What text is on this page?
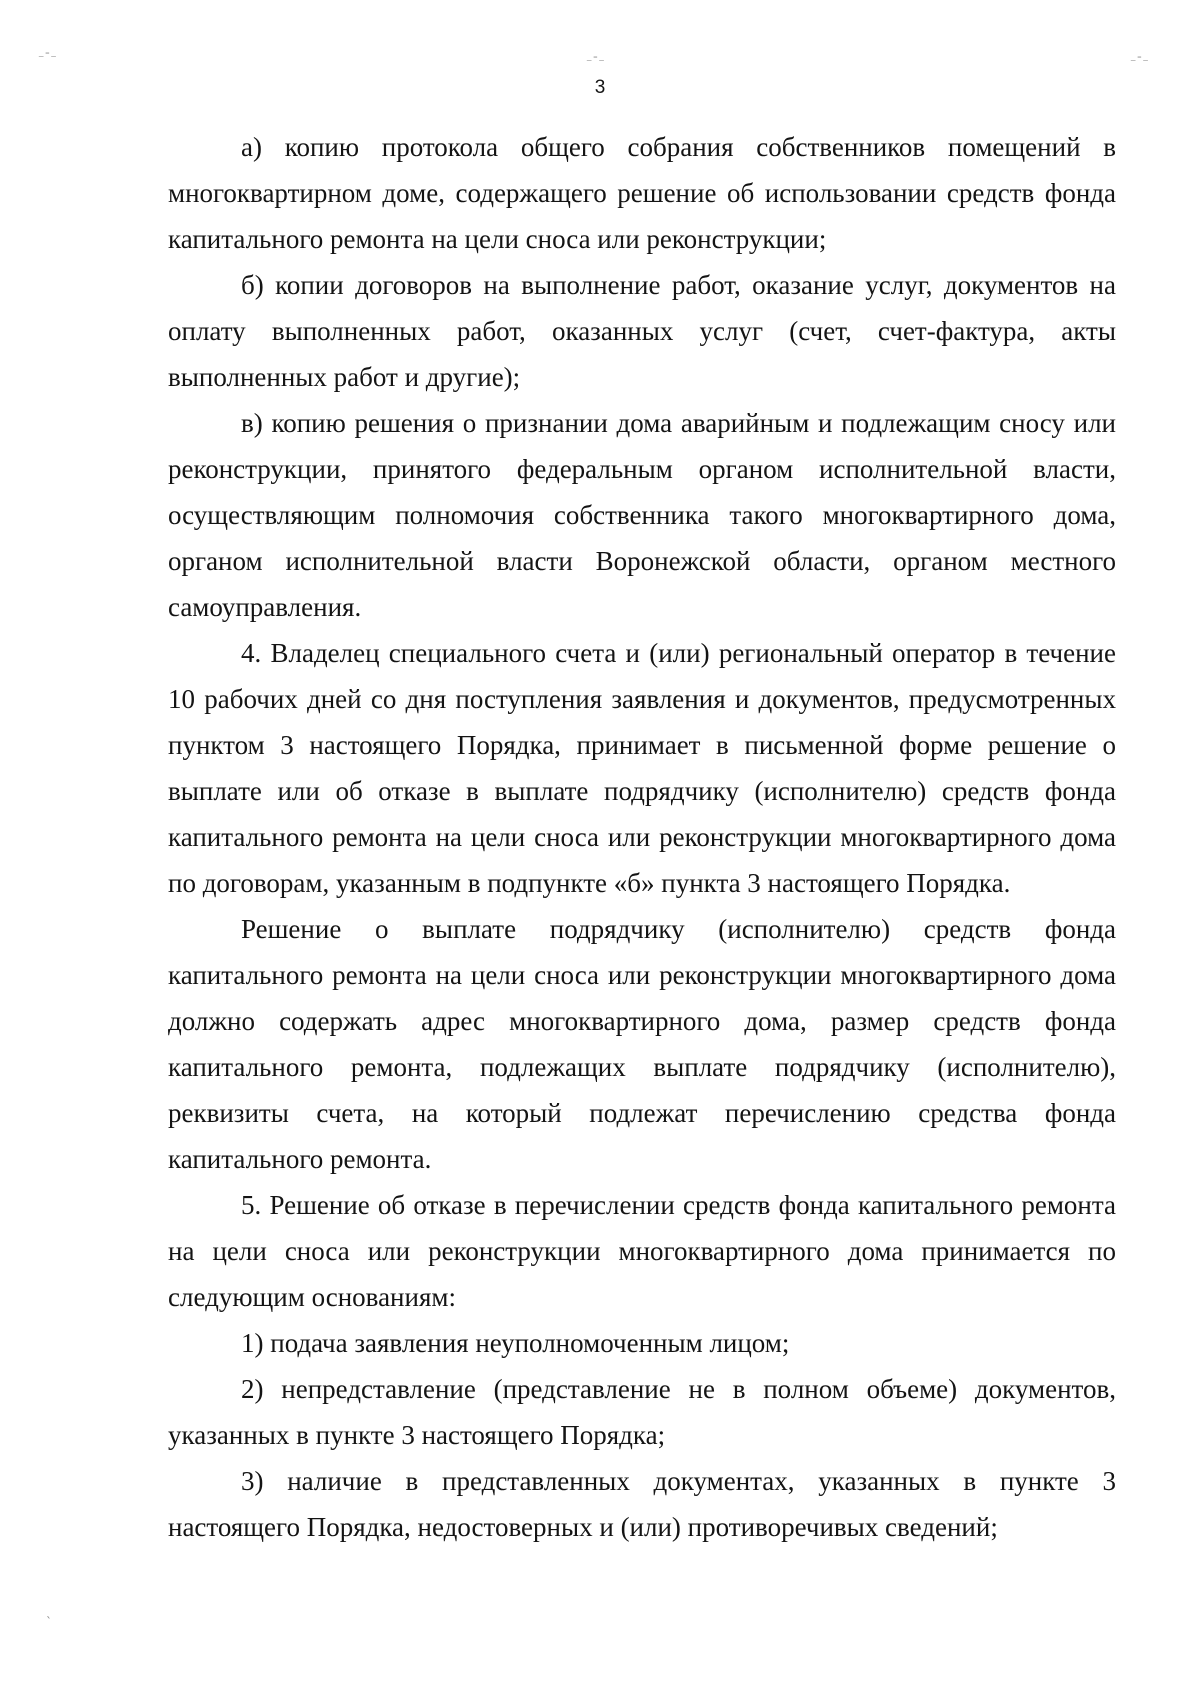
⁻ˉ⁻	⁻ˉ⁻	⁻ˉ⁻
ˋ
3

а) копию протокола общего собрания собственников помещений в многоквартирном доме, содержащего решение об использовании средств фонда капитального ремонта на цели сноса или реконструкции;

б) копии договоров на выполнение работ, оказание услуг, документов на оплату выполненных работ, оказанных услуг (счет, счет-фактура, акты выполненных работ и другие);

в) копию решения о признании дома аварийным и подлежащим сносу или реконструкции, принятого федеральным органом исполнительной власти, осуществляющим полномочия собственника такого многоквартирного дома, органом исполнительной власти Воронежской области, органом местного самоуправления.

4. Владелец специального счета и (или) региональный оператор в течение 10 рабочих дней со дня поступления заявления и документов, предусмотренных пунктом 3 настоящего Порядка, принимает в письменной форме решение о выплате или об отказе в выплате подрядчику (исполнителю) средств фонда капитального ремонта на цели сноса или реконструкции многоквартирного дома по договорам, указанным в подпункте «б» пункта 3 настоящего Порядка.

Решение о выплате подрядчику (исполнителю) средств фонда капитального ремонта на цели сноса или реконструкции многоквартирного дома должно содержать адрес многоквартирного дома, размер средств фонда капитального ремонта, подлежащих выплате подрядчику (исполнителю), реквизиты счета, на который подлежат перечислению средства фонда капитального ремонта.

5. Решение об отказе в перечислении средств фонда капитального ремонта на цели сноса или реконструкции многоквартирного дома принимается по следующим основаниям:

1) подача заявления неуполномоченным лицом;

2) непредставление (представление не в полном объеме) документов, указанных в пункте 3 настоящего Порядка;

3) наличие в представленных документах, указанных в пункте 3 настоящего Порядка, недостоверных и (или) противоречивых сведений;
